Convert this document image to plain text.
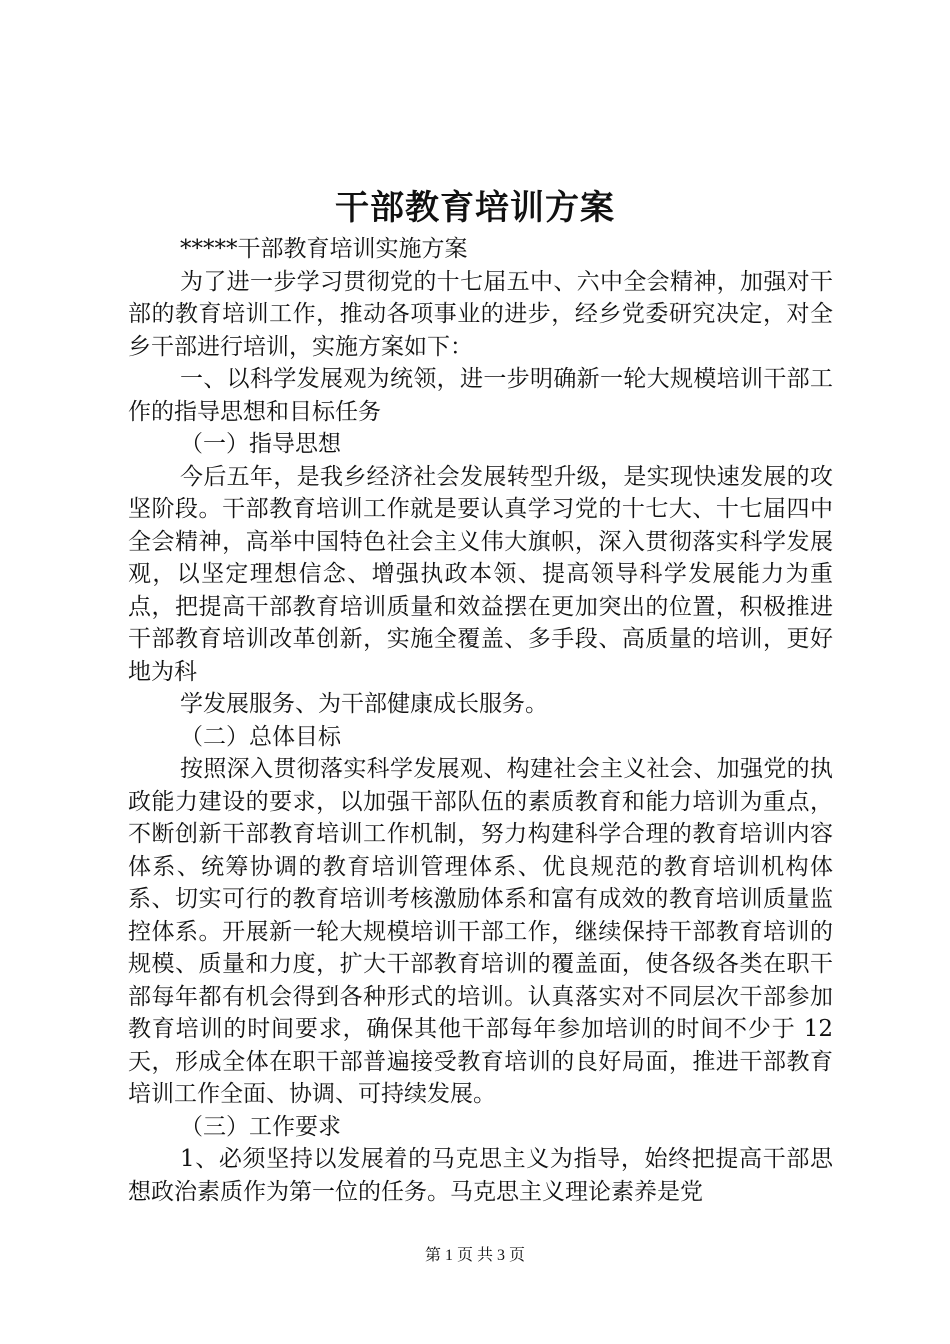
干部教育培训方案

*****干部教育培训实施方案

为了进一步学习贯彻党的十七届五中、六中全会精神，加强对干部的教育培训工作，推动各项事业的进步，经乡党委研究决定，对全乡干部进行培训，实施方案如下：

一、以科学发展观为统领，进一步明确新一轮大规模培训干部工作的指导思想和目标任务

（一）指导思想

今后五年，是我乡经济社会发展转型升级，是实现快速发展的攻坚阶段。干部教育培训工作就是要认真学习党的十七大、十七届四中全会精神，高举中国特色社会主义伟大旗帜，深入贯彻落实科学发展观，以坚定理想信念、增强执政本领、提高领导科学发展能力为重点，把提高干部教育培训质量和效益摆在更加突出的位置，积极推进干部教育培训改革创新，实施全覆盖、多手段、高质量的培训，更好地为科

学发展服务、为干部健康成长服务。

（二）总体目标

按照深入贯彻落实科学发展观、构建社会主义社会、加强党的执政能力建设的要求，以加强干部队伍的素质教育和能力培训为重点，不断创新干部教育培训工作机制，努力构建科学合理的教育培训内容体系、统筹协调的教育培训管理体系、优良规范的教育培训机构体系、切实可行的教育培训考核激励体系和富有成效的教育培训质量监控体系。开展新一轮大规模培训干部工作，继续保持干部教育培训的规模、质量和力度，扩大干部教育培训的覆盖面，使各级各类在职干部每年都有机会得到各种形式的培训。认真落实对不同层次干部参加教育培训的时间要求，确保其他干部每年参加培训的时间不少于 12 天，形成全体在职干部普遍接受教育培训的良好局面，推进干部教育培训工作全面、协调、可持续发展。

（三）工作要求

1、必须坚持以发展着的马克思主义为指导，始终把提高干部思想政治素质作为第一位的任务。马克思主义理论素养是党

第 1 页 共 3 页
